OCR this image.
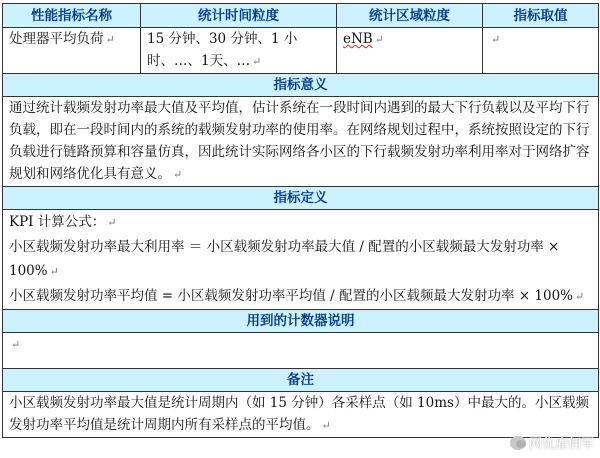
性能指标名称	统计时间粒度	统计区域粒度	指标取值
处理器平均负荷 ↵	15 分钟、30 分钟、1 小时、…、1天、… ↵	eNB ↵	↵
指标意义			
通过统计载频发射功率最大值及平均值，估计系统在一段时间内遇到的最大下行负载以及平均下行负载，即在一段时间内的系统的载频发射功率的使用率。在网络规划过程中，系统按照设定的下行负载进行链路预算和容量仿真，因此统计实际网络各小区的下行载频发射功率利用率对于网络扩容规划和网络优化具有意义。 ↵			
指标定义			

KPI 计算公式： ↵
小区载频发射功率最大利用率 ＝ 小区载频发射功率最大值 / 配置的小区载频最大发射功率 × 100% ↵
小区载频发射功率平均值 = 小区载频发射功率平均值 / 配置的小区载频最大发射功率 × 100% ↵			

用到的计数器说明			
↵			
备注			
小区载频发射功率最大值是统计周期内（如 15 分钟）各采样点（如 10ms）中最大的。小区载频发射功率平均值是统计周期内所有采样点的平均值。 ↵			
网优雇佣军
